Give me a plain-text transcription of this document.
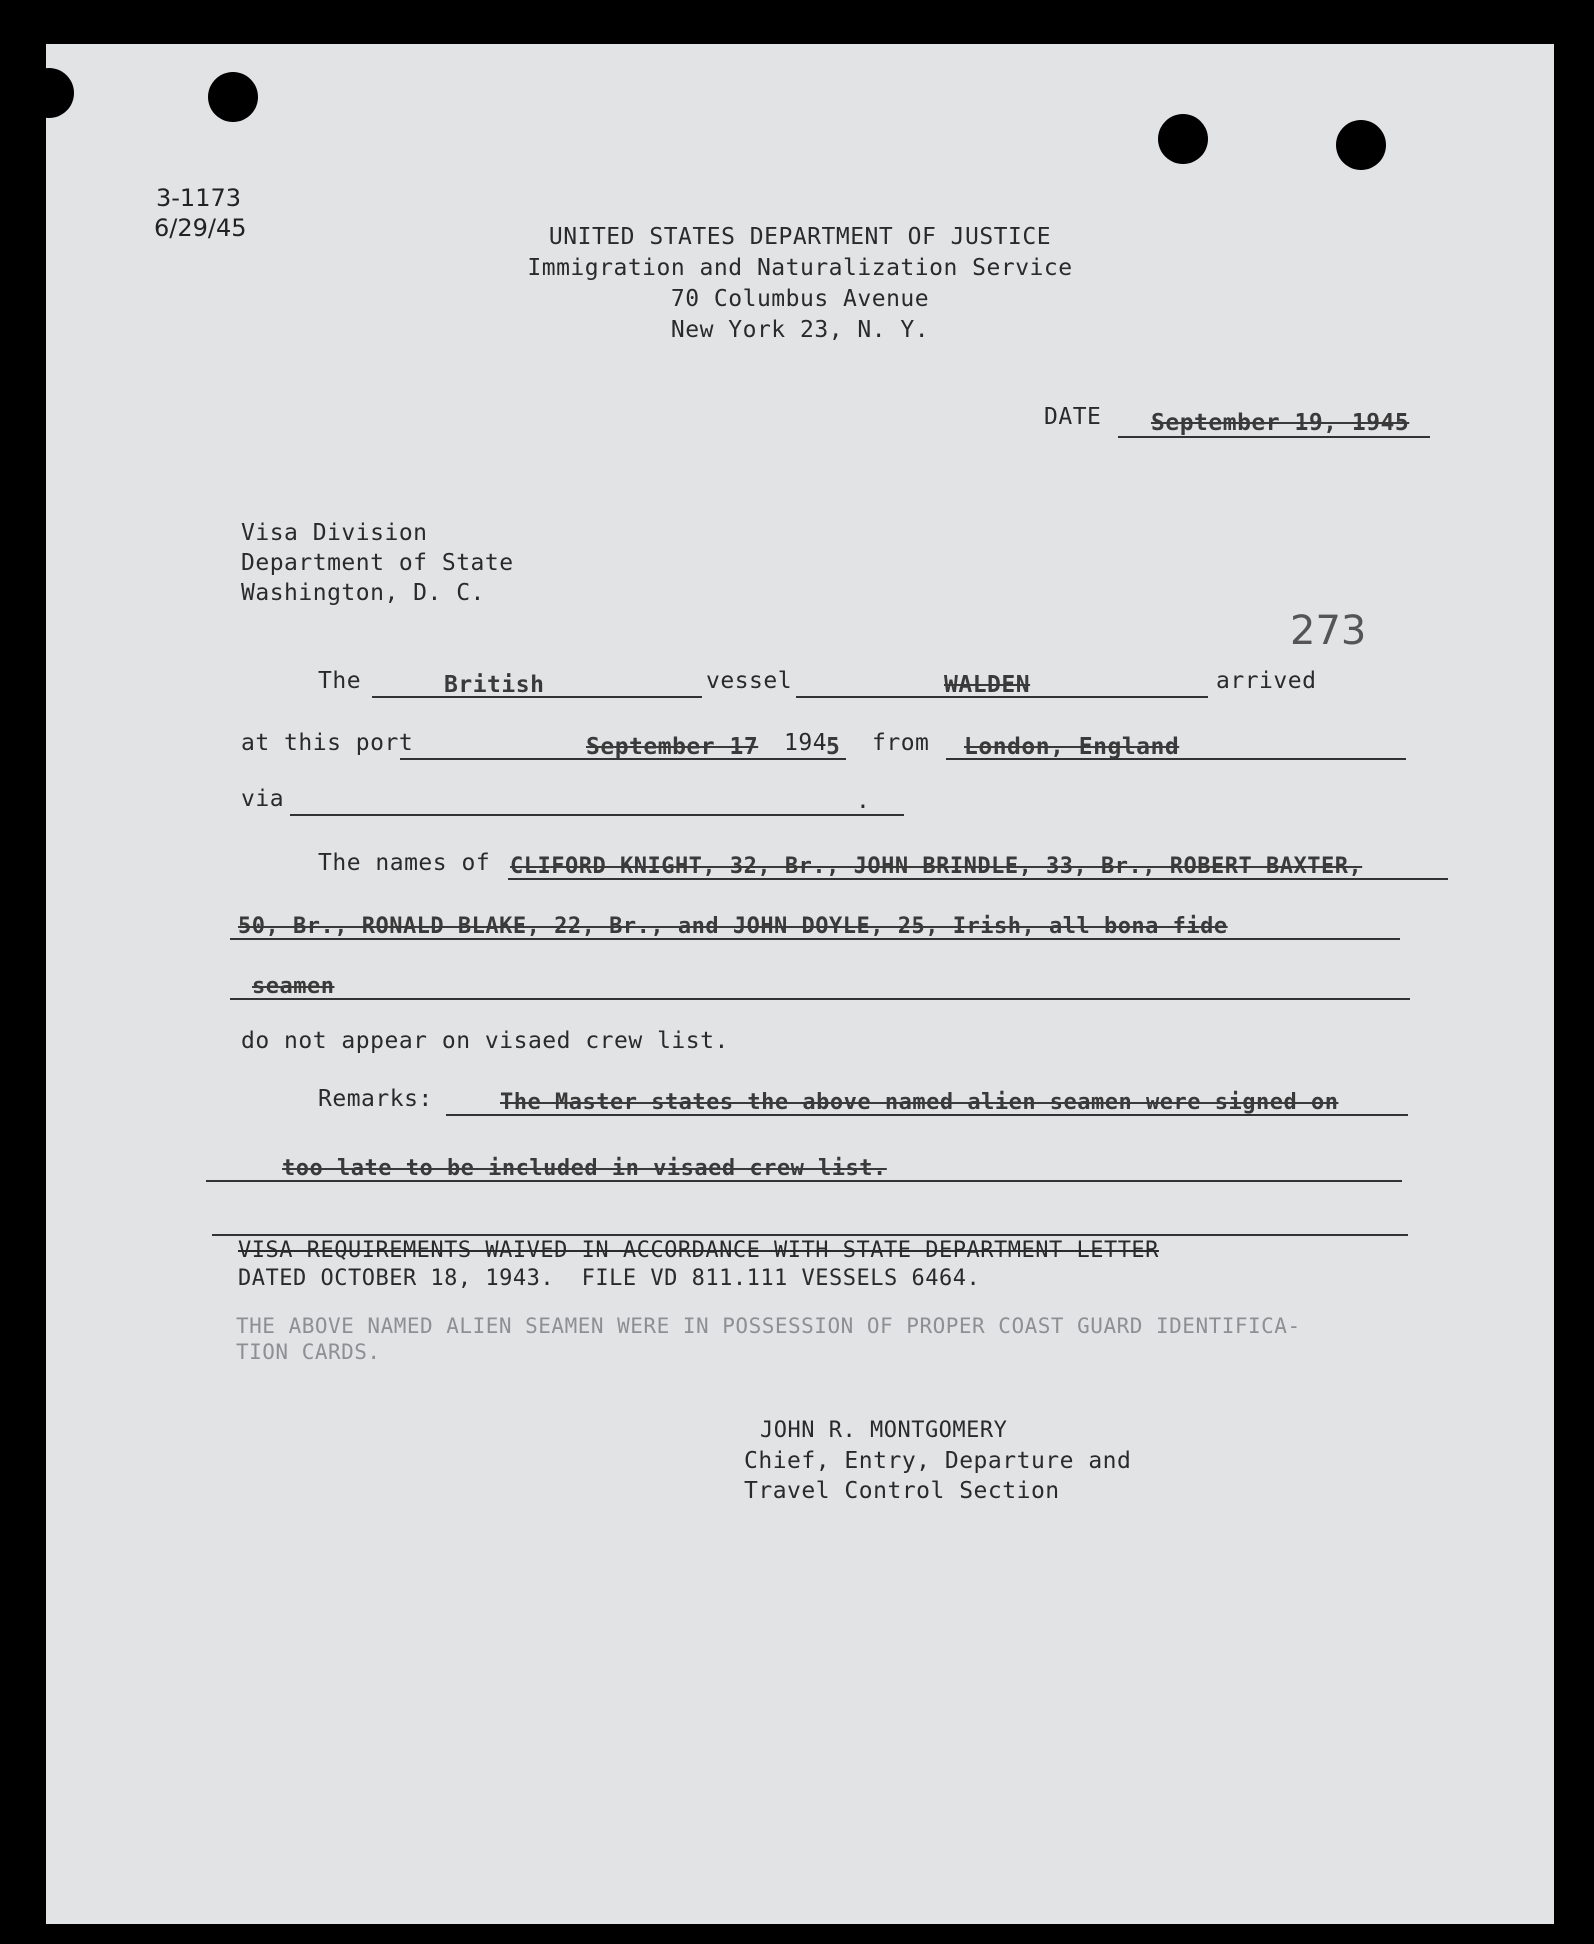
3-1173
6/29/45	UNITED STATES DEPARTMENT OF JUSTICE
Immigration and Naturalization Service
70 Columbus Avenue
New York 23, N. Y.
DATE September 19, 1945
Visa Division
Department of State
Washington, D. C.
273
The	British	vessel	WALDEN	arrived
at this port	September 17 194
5 from London, England
via	.
The names of CLIFORD KNIGHT, 32, Br., JOHN BRINDLE, 33, Br., ROBERT BAXTER,
50, Br., RONALD BLAKE, 22, Br., and JOHN DOYLE, 25, Irish, all bona fide
seamen
do not appear on visaed crew list.
Remarks:	The Master states the above named alien seamen were signed on
too late to be included in visaed crew list.
VISA REQUIREMENTS WAIVED IN ACCORDANCE WITH STATE DEPARTMENT LETTER
DATED OCTOBER 18, 1943.  FILE VD 811.111 VESSELS 6464.
THE ABOVE NAMED ALIEN SEAMEN WERE IN POSSESSION OF PROPER COAST GUARD IDENTIFICA-
TION CARDS.
JOHN R. MONTGOMERY
Chief, Entry, Departure and
Travel Control Section
